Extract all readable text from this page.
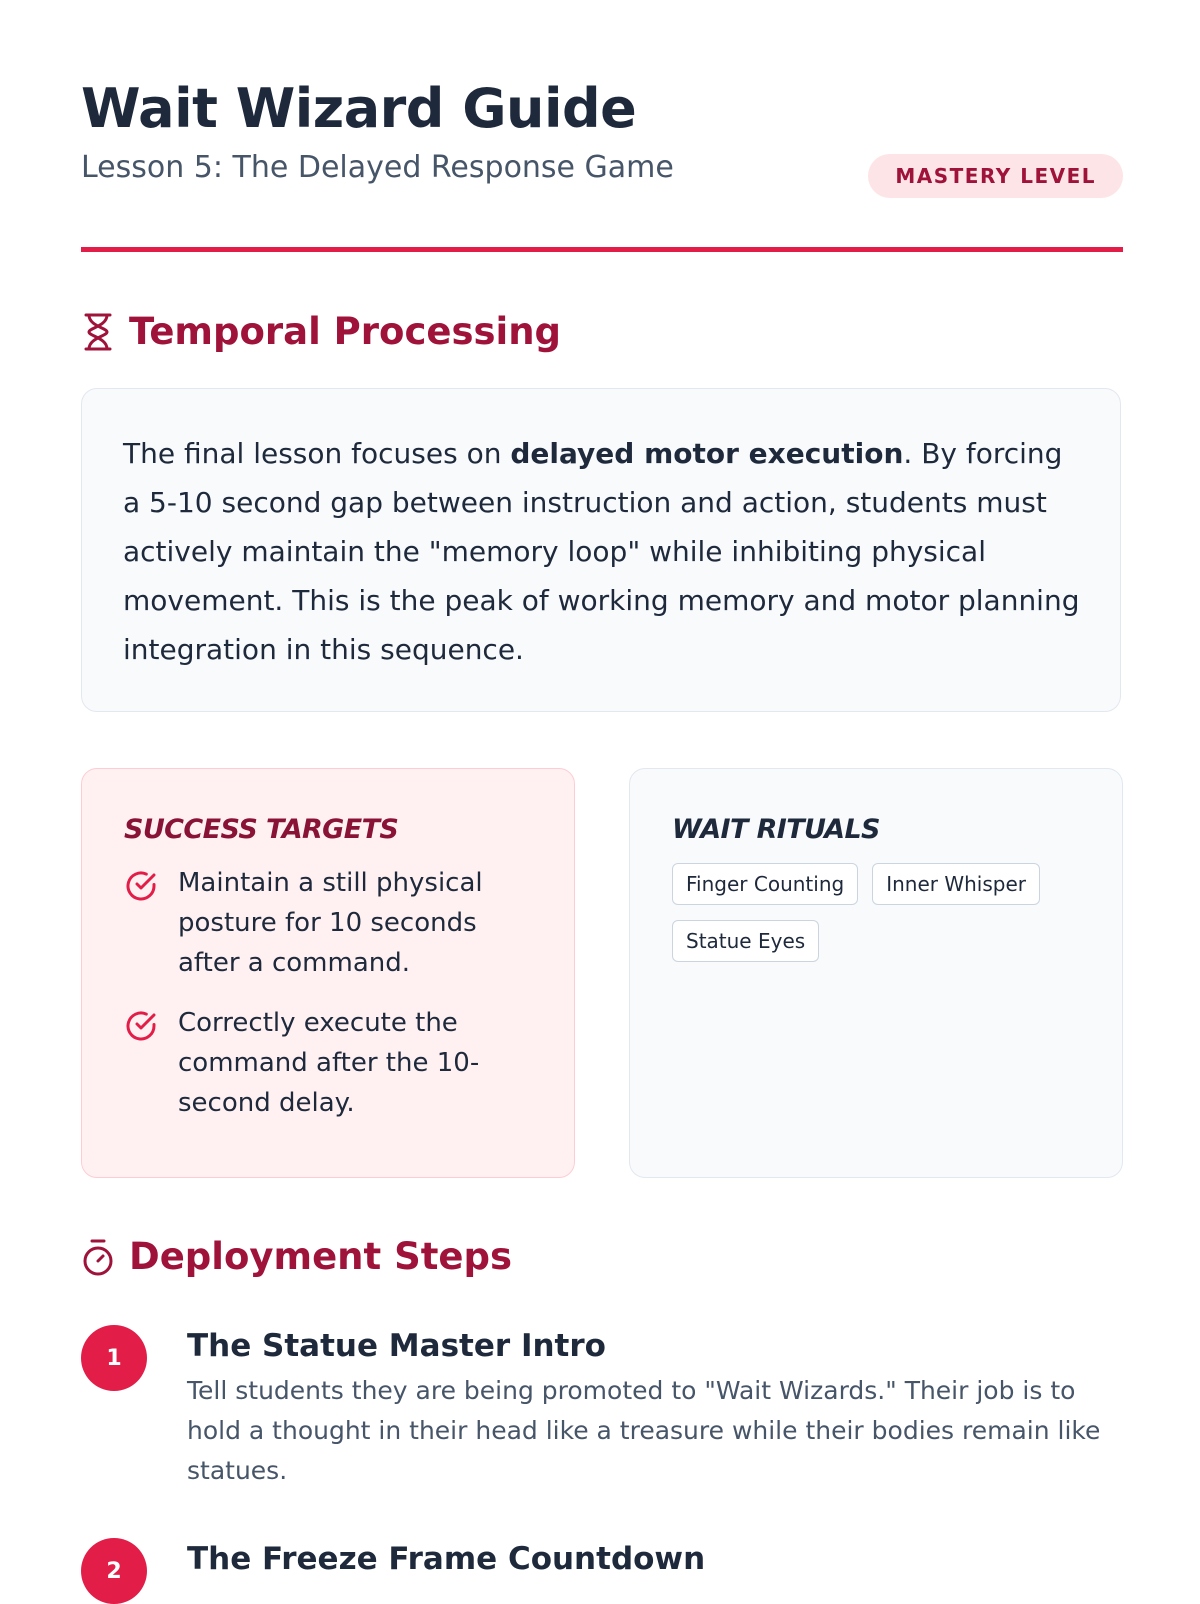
Wait Wizard Guide
Lesson 5: The Delayed Response Game	MASTERY LEVEL
Temporal Processing

The final lesson focuses on delayed motor execution. By forcing a 5-10 second gap between instruction and action, students must actively maintain the "memory loop" while inhibiting physical movement. This is the peak of working memory and motor planning integration in this sequence.

SUCCESS TARGETS
Maintain a still physical posture for 10 seconds after a command.
Correctly execute the command after the 10-second delay.
WAIT RITUALS
Finger Counting	Inner Whisper
Statue Eyes
Deployment Steps
1	The Statue Master Intro

Tell students they are being promoted to "Wait Wizards." Their job is to hold a thought in their head like a treasure while their bodies remain like statues.

2	The Freeze Frame Countdown
